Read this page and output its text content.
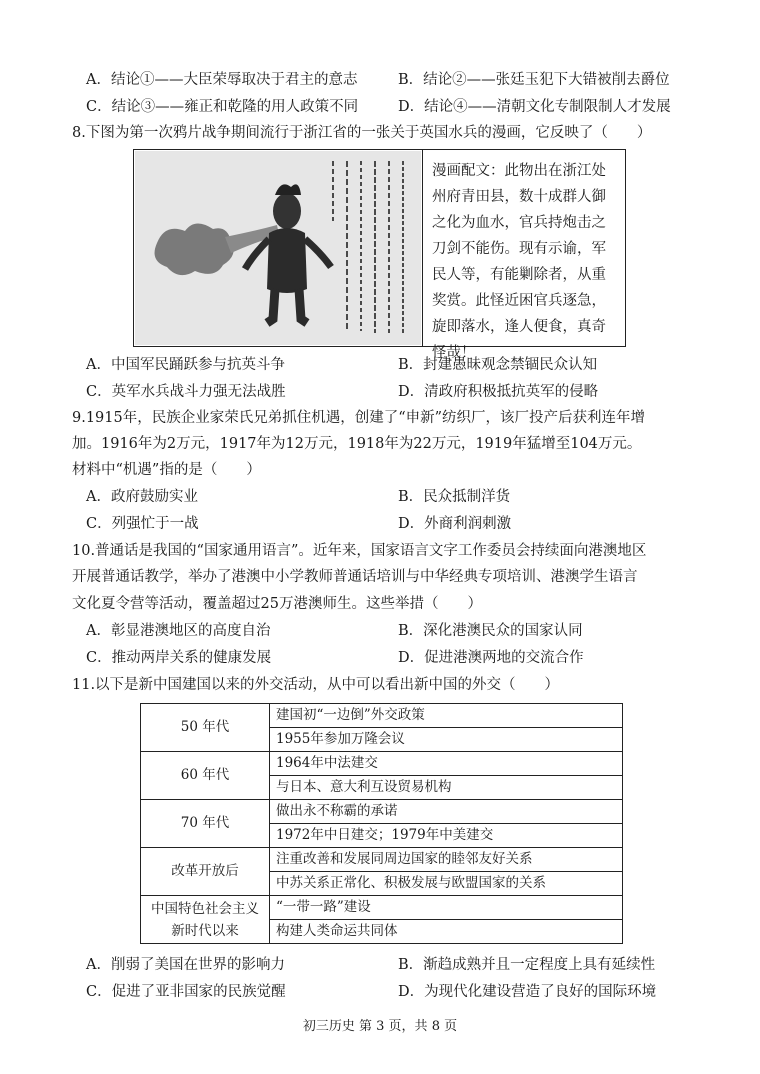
A．结论①——大臣荣辱取决于君主的意志	B．结论②——张廷玉犯下大错被削去爵位
C．结论③——雍正和乾隆的用人政策不同	D．结论④——清朝文化专制限制人才发展
8.下图为第一次鸦片战争期间流行于浙江省的一张关于英国水兵的漫画，它反映了（　　）
漫画配文：此物出在浙江处
州府青田县，数十成群人御
之化为血水，官兵持炮击之
刀剑不能伤。现有示谕，军
民人等，有能剿除者，从重
奖赏。此怪近困官兵逐急，
旋即落水，逢人便食，真奇
怪哉！
A．中国军民踊跃参与抗英斗争	B．封建愚昧观念禁锢民众认知
C．英军水兵战斗力强无法战胜	D．清政府积极抵抗英军的侵略
9.1915年，民族企业家荣氏兄弟抓住机遇，创建了“申新”纺织厂，该厂投产后获利连年增
加。1916年为2万元，1917年为12万元，1918年为22万元，1919年猛增至104万元。
材料中“机遇”指的是（　　）
A．政府鼓励实业	B．民众抵制洋货
C．列强忙于一战	D．外商利润刺激
10.普通话是我国的“国家通用语言”。近年来，国家语言文字工作委员会持续面向港澳地区
开展普通话教学，举办了港澳中小学教师普通话培训与中华经典专项培训、港澳学生语言
文化夏令营等活动，覆盖超过25万港澳师生。这些举措（　　）
A．彰显港澳地区的高度自治	B．深化港澳民众的国家认同
C．推动两岸关系的健康发展	D．促进港澳两地的交流合作
11.以下是新中国建国以来的外交活动，从中可以看出新中国的外交（　　）
50 年代	建国初“一边倒”外交政策
	1955年参加万隆会议
60 年代	1964年中法建交
	与日本、意大利互设贸易机构
70 年代	做出永不称霸的承诺
	1972年中日建交；1979年中美建交
改革开放后	注重改善和发展同周边国家的睦邻友好关系
	中苏关系正常化、积极发展与欧盟国家的关系

中国特色社会主义
新时代以来	“一带一路”建设
	构建人类命运共同体
A．削弱了美国在世界的影响力	B．渐趋成熟并且一定程度上具有延续性
C．促进了亚非国家的民族觉醒	D．为现代化建设营造了良好的国际环境
初三历史 第 3 页，共 8 页
